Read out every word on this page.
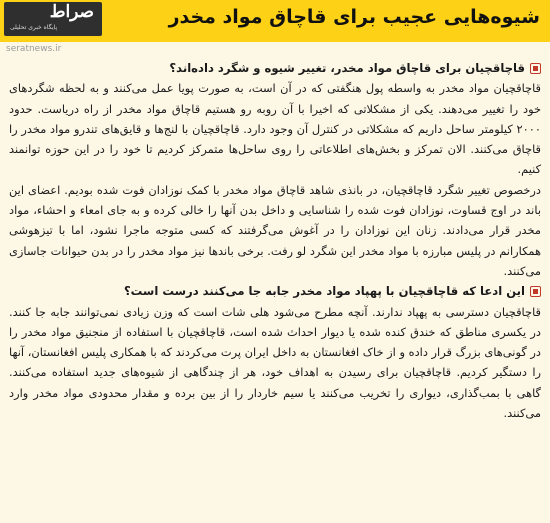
صراط
پایگاه خبری تحلیلی	شیوه‌هایی عجیب برای قاچاق مواد مخدر
seratnews.ir

قاچاقچیان برای قاچاق مواد مخدر، تغییر شیوه و شگرد داده‌اند؟

قاچاقچیان مواد مخدر به واسطه پول هنگفتی که در آن است، به صورت پویا عمل می‌کنند و به لحظه شگردهای خود را تغییر می‌دهند. یکی از مشکلاتی که اخیرا با آن روبه رو هستیم قاچاق مواد مخدر از راه دریاست. حدود ۲۰۰۰ کیلومتر ساحل داریم که مشکلاتی در کنترل آن وجود دارد. قاچاقچیان با لنج‌ها و قایق‌های تندرو مواد مخدر را قاچاق می‌کنند. الان تمرکز و بخش‌های اطلاعاتی را روی ساحل‌ها متمرکز کردیم تا خود را در این حوزه توانمند کنیم.

درخصوص تغییر شگرد قاچاقچیان، در بانذی شاهد قاچاق مواد مخدر با کمک نوزادان فوت شده بودیم. اعضای این باند در اوج قساوت، نوزادان فوت شده را شناسایی و داخل بدن آنها را خالی کرده و به جای امعاء و احشاء، مواد مخدر قرار می‌دادند. زنان این نوزادان را در آغوش می‌گرفتند که کسی متوجه ماجرا نشود، اما با تیزهوشی همکارانم در پلیس مبارزه با مواد مخدر این شگرد لو رفت. برخی باندها نیز مواد مخدر را در بدن حیوانات جاسازی می‌کنند.

این ادعا که قاچاقچیان با پهپاد مواد مخدر جابه جا می‌کنند درست است؟

قاچاقچیان دسترسی به پهپاد ندارند. آنچه مطرح می‌شود هلی شات است که وزن زیادی نمی‌توانند جابه جا کنند. در یکسری مناطق که خندق کنده شده یا دیوار احداث شده است، قاچاقچیان با استفاده از منجنیق مواد مخدر را در گونی‌های بزرگ قرار داده و از خاک افغانستان به داخل ایران پرت می‌کردند که با همکاری پلیس افغانستان، آنها را دستگیر کردیم. قاچاقچیان برای رسیدن به اهداف خود، هر از چندگاهی از شیوه‌های جدید استفاده می‌کنند. گاهی با بمب‌گذاری، دیواری را تخریب می‌کنند یا سیم خاردار را از بین برده و مقدار محدودی مواد مخدر وارد می‌کنند.
